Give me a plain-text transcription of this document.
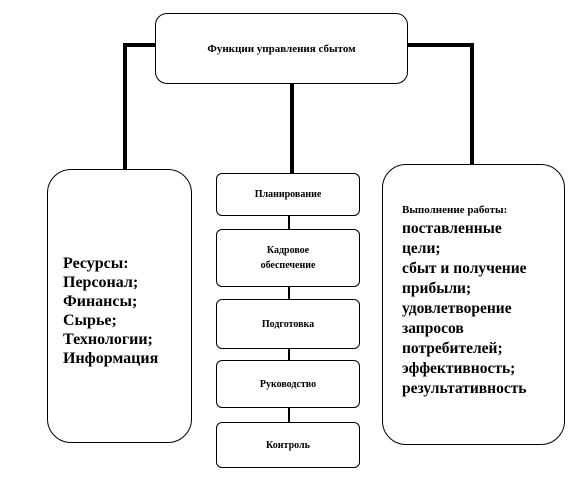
Функции управления сбытом
Ресурсы:
Персонал;
Финансы;
Сырье;
Технологии;
Информация
Планирование
Кадровое обеспечение
Подготовка
Руководство
Контроль
Выполнение работы:
поставленные
цели;
сбыт и получение
прибыли;
удовлетворение
запросов
потребителей;
эффективность;
результативность
